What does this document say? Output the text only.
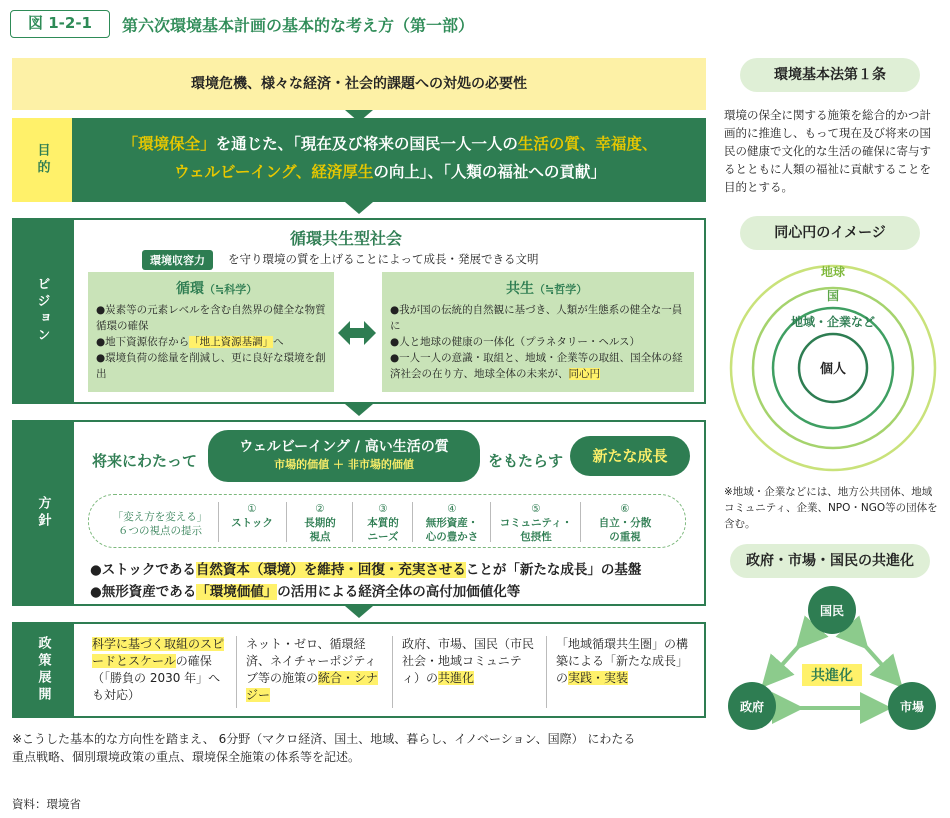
図 1-2-1	第六次環境基本計画の基本的な考え方（第一部）
環境危機、様々な経済・社会的課題への対処の必要性
目的	「環境保全」を通じた、「現在及び将来の国民一人一人の生活の質、幸福度、
ウェルビーイング、経済厚生の向上」、「人類の福祉への貢献」
ビジョン
循環共生型社会
環境収容力	を守り環境の質を上げることによって成長・発展できる文明
循環（≒科学）
●炭素等の元素レベルを含む自然界の健全な物質循環の確保
●地下資源依存から「地上資源基調」へ
●環境負荷の総量を削減し、更に良好な環境を創出
共生（≒哲学）
●我が国の伝統的自然観に基づき、人類が生態系の健全な一員に
●人と地球の健康の一体化（プラネタリー・ヘルス）
●一人一人の意識・取組と、地域・企業等の取組、国全体の経済社会の在り方、地球全体の未来が、同心円
方針
将来にわたって
ウェルビーイング / 高い生活の質
市場的価値 ＋ 非市場的価値	をもたらす	新たな成長
「変え方を変える」
６つの視点の提示
①
ストック
②
長期的
視点
③
本質的
ニーズ
④
無形資産・
心の豊かさ
⑤
コミュニティ・
包摂性
⑥
自立・分散
の重視
●ストックである自然資本（環境）を維持・回復・充実させることが「新たな成長」の基盤
●無形資産である「環境価値」の活用による経済全体の高付加価値化等
政策展開	科学に基づく取組のスピードとスケールの確保（「勝負の 2030 年」へも対応）
ネット・ゼロ、循環経済、ネイチャーポジティブ等の施策の統合・シナジー
政府、市場、国民（市民社会・地域コミュニティ）の共進化
「地域循環共生圏」の構築による「新たな成長」の実践・実装
※こうした基本的な方向性を踏まえ、 6分野（マクロ経済、国土、地域、暮らし、イノベーション、国際） にわたる
重点戦略、個別環境政策の重点、環境保全施策の体系等を記述。
資料：環境省
環境基本法第１条
環境の保全に関する施策を総合的かつ計画的に推進し、もって現在及び将来の国民の健康で文化的な生活の確保に寄与するとともに人類の福祉に貢献することを目的とする。
同心円のイメージ
地球
国
地域・企業など
個人
※地域・企業などには、地方公共団体、地域コミュニティ、企業、NPO・NGO等の団体を含む。
政府・市場・国民の共進化
国民
政府	市場
共進化
